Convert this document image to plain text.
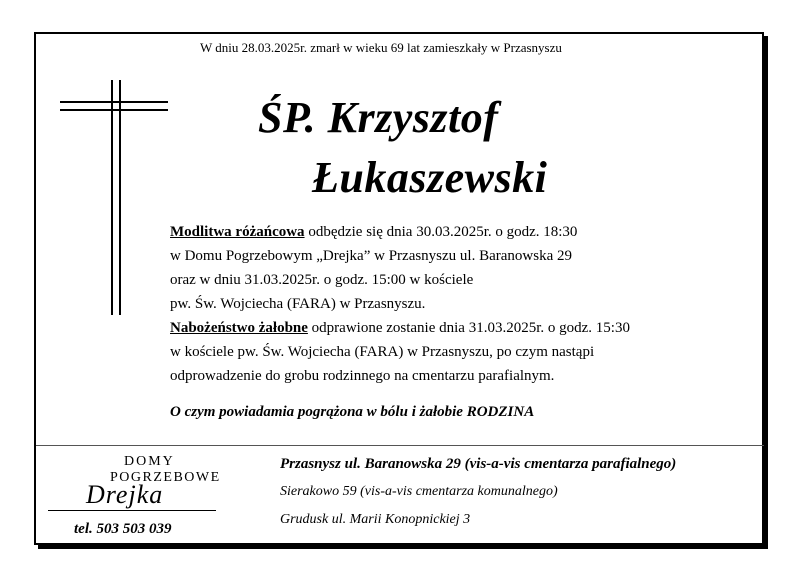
W dniu 28.03.2025r. zmarł w wieku 69 lat zamieszkały w Przasnyszu
ŚP. Krzysztof
Łukaszewski
Modlitwa różańcowa odbędzie się dnia 30.03.2025r. o godz. 18:30
w Domu Pogrzebowym „Drejka” w Przasnyszu ul. Baranowska 29
oraz w dniu 31.03.2025r. o godz. 15:00 w kościele
pw. Św. Wojciecha (FARA) w Przasnyszu.
Nabożeństwo żałobne odprawione zostanie dnia 31.03.2025r. o godz. 15:30
w kościele pw. Św. Wojciecha (FARA) w Przasnyszu, po czym nastąpi
odprowadzenie do grobu rodzinnego na cmentarzu parafialnym.
O czym powiadamia pogrążona w bólu i żałobie RODZINA
DOMY
POGRZEBOWE
Drejka
tel. 503 503 039
Przasnysz ul. Baranowska 29 (vis-a-vis cmentarza parafialnego)
Sierakowo 59 (vis-a-vis cmentarza komunalnego)
Grudusk ul. Marii Konopnickiej 3
